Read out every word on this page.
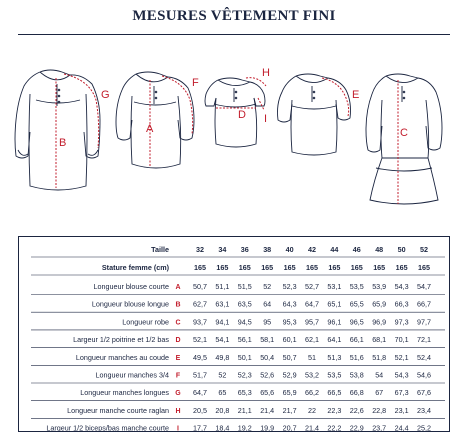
MESURES VÊTEMENT FINI
G
B
F
A
H
I
D
E
C
Taille	32 34 36 38 40 42 44 46 48 50 52
Stature femme (cm)	165 165 165 165 165 165 165 165 165 165 165
Longueur blouse courte A 50,7 51,1 51,5 52 52,3 52,7 53,1 53,5 53,9 54,3 54,7
Longueur blouse longue B 62,7 63,1 63,5 64 64,3 64,7 65,1 65,5 65,9 66,3 66,7
Longueur robe C 93,7 94,1 94,5 95 95,3 95,7 96,1 96,5 96,9 97,3 97,7
Largeur 1/2 poitrine et 1/2 bas D 52,1 54,1 56,1 58,1 60,1 62,1 64,1 66,1 68,1 70,1 72,1
Longueur manches au coude E 49,5 49,8 50,1 50,4 50,7 51 51,3 51,6 51,8 52,1 52,4
Longueur manches 3/4 F 51,7 52 52,3 52,6 52,9 53,2 53,5 53,8 54 54,3 54,6
Longueur manches longues G 64,7 65 65,3 65,6 65,9 66,2 66,5 66,8 67 67,3 67,6
Longueur manche courte raglan H 20,5 20,8 21,1 21,4 21,7 22 22,3 22,6 22,8 23,1 23,4
Largeur 1/2 biceps/bas manche courte I 17,7 18,4 19,2 19,9 20,7 21,4 22,2 22,9 23,7 24,4 25,2
